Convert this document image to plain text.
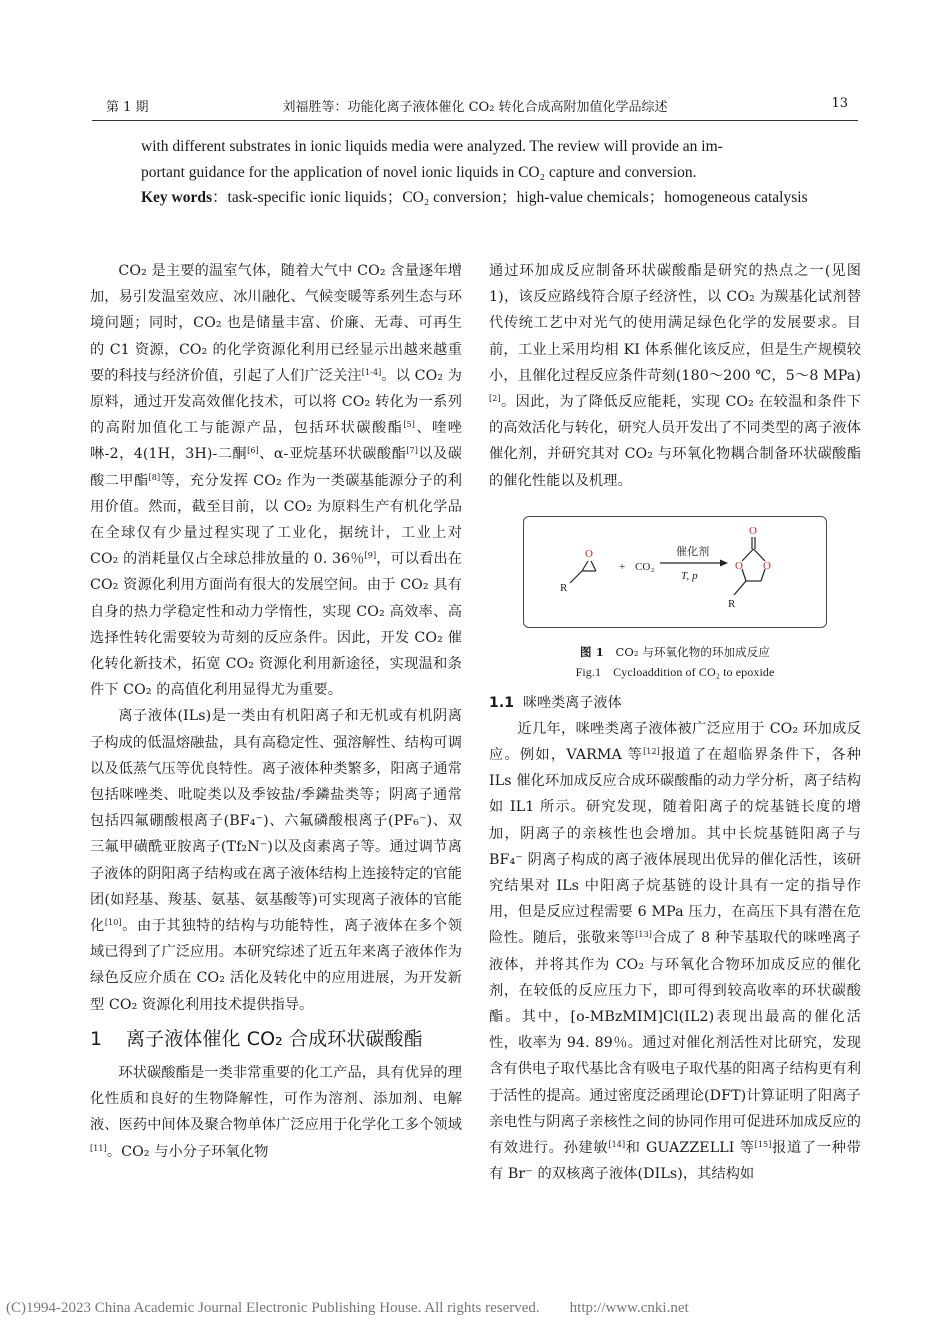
第 1 期	刘福胜等：功能化离子液体催化 CO₂ 转化合成高附加值化学品综述	13

with different substrates in ionic liquids media were analyzed. The review will provide an im-

portant guidance for the application of novel ionic liquids in CO₂ capture and conversion.

Key words：task-specific ionic liquids；CO₂ conversion；high-value chemicals；homogeneous catalysis

CO₂ 是主要的温室气体，随着大气中 CO₂ 含量逐年增加，易引发温室效应、冰川融化、气候变暖等系列生态与环境问题；同时，CO₂ 也是储量丰富、价廉、无毒、可再生的 C1 资源，CO₂ 的化学资源化利用已经显示出越来越重要的科技与经济价值，引起了人们广泛关注[1-4]。以 CO₂ 为原料，通过开发高效催化技术，可以将 CO₂ 转化为一系列的高附加值化工与能源产品，包括环状碳酸酯[5]、喹唑啉-2，4(1H，3H)-二酮[6]、α-亚烷基环状碳酸酯[7]以及碳酸二甲酯[8]等，充分发挥 CO₂ 作为一类碳基能源分子的利用价值。然而，截至目前，以 CO₂ 为原料生产有机化学品在全球仅有少量过程实现了工业化，据统计，工业上对 CO₂ 的消耗量仅占全球总排放量的 0. 36％[9]，可以看出在 CO₂ 资源化利用方面尚有很大的发展空间。由于 CO₂ 具有自身的热力学稳定性和动力学惰性，实现 CO₂ 高效率、高选择性转化需要较为苛刻的反应条件。因此，开发 CO₂ 催化转化新技术，拓宽 CO₂ 资源化利用新途径，实现温和条件下 CO₂ 的高值化利用显得尤为重要。

离子液体(ILs)是一类由有机阳离子和无机或有机阴离子构成的低温熔融盐，具有高稳定性、强溶解性、结构可调以及低蒸气压等优良特性。离子液体种类繁多，阳离子通常包括咪唑类、吡啶类以及季铵盐/季鏻盐类等；阴离子通常包括四氟硼酸根离子(BF₄⁻)、六氟磷酸根离子(PF₆⁻)、双三氟甲磺酰亚胺离子(Tf₂N⁻)以及卤素离子等。通过调节离子液体的阴阳离子结构或在离子液体结构上连接特定的官能团(如羟基、羧基、氨基、氨基酸等)可实现离子液体的官能化[10]。由于其独特的结构与功能特性，离子液体在多个领域已得到了广泛应用。本研究综述了近五年来离子液体作为绿色反应介质在 CO₂ 活化及转化中的应用进展，为开发新型 CO₂ 资源化利用技术提供指导。

1 离子液体催化 CO₂ 合成环状碳酸酯

环状碳酸酯是一类非常重要的化工产品，具有优异的理化性质和良好的生物降解性，可作为溶剂、添加剂、电解液、医药中间体及聚合物单体广泛应用于化学化工多个领域[11]。CO₂ 与小分子环氧化物

通过环加成反应制备环状碳酸酯是研究的热点之一(见图 1)，该反应路线符合原子经济性，以 CO₂ 为羰基化试剂替代传统工艺中对光气的使用满足绿色化学的发展要求。目前，工业上采用均相 KI 体系催化该反应，但是生产规模较小，且催化过程反应条件苛刻(180～200 ℃，5～8 MPa)[2]。因此，为了降低反应能耗，实现 CO₂ 在较温和条件下的高效活化与转化，研究人员开发出了不同类型的离子液体催化剂，并研究其对 CO₂ 与环氧化物耦合制备环状碳酸酯的催化性能以及机理。

R
O
+ CO₂
催化剂
T, p
O
O O
R
图 1　 CO₂ 与环氧化物的环加成反应
Fig.1　Cycloaddition of CO₂ to epoxide
1.1 咪唑类离子液体

近几年，咪唑类离子液体被广泛应用于 CO₂ 环加成反应。例如，VARMA 等[12]报道了在超临界条件下，各种 ILs 催化环加成反应合成环碳酸酯的动力学分析，离子结构如 IL1 所示。研究发现，随着阳离子的烷基链长度的增加，阴离子的亲核性也会增加。其中长烷基链阳离子与 BF₄⁻ 阴离子构成的离子液体展现出优异的催化活性，该研究结果对 ILs 中阳离子烷基链的设计具有一定的指导作用，但是反应过程需要 6 MPa 压力，在高压下具有潜在危险性。随后，张敬来等[13]合成了 8 种苄基取代的咪唑离子液体，并将其作为 CO₂ 与环氧化合物环加成反应的催化剂，在较低的反应压力下，即可得到较高收率的环状碳酸酯。其中，[o-MBzMIM]Cl(IL2)表现出最高的催化活性，收率为 94. 89％。通过对催化剂活性对比研究，发现含有供电子取代基比含有吸电子取代基的阳离子结构更有利于活性的提高。通过密度泛函理论(DFT)计算证明了阳离子亲电性与阴离子亲核性之间的协同作用可促进环加成反应的有效进行。孙建敏[14]和 GUAZZELLI 等[15]报道了一种带有 Br⁻ 的双核离子液体(DILs)，其结构如

(C)1994-2023 China Academic Journal Electronic Publishing House. All rights reserved.　　http://www.cnki.net
